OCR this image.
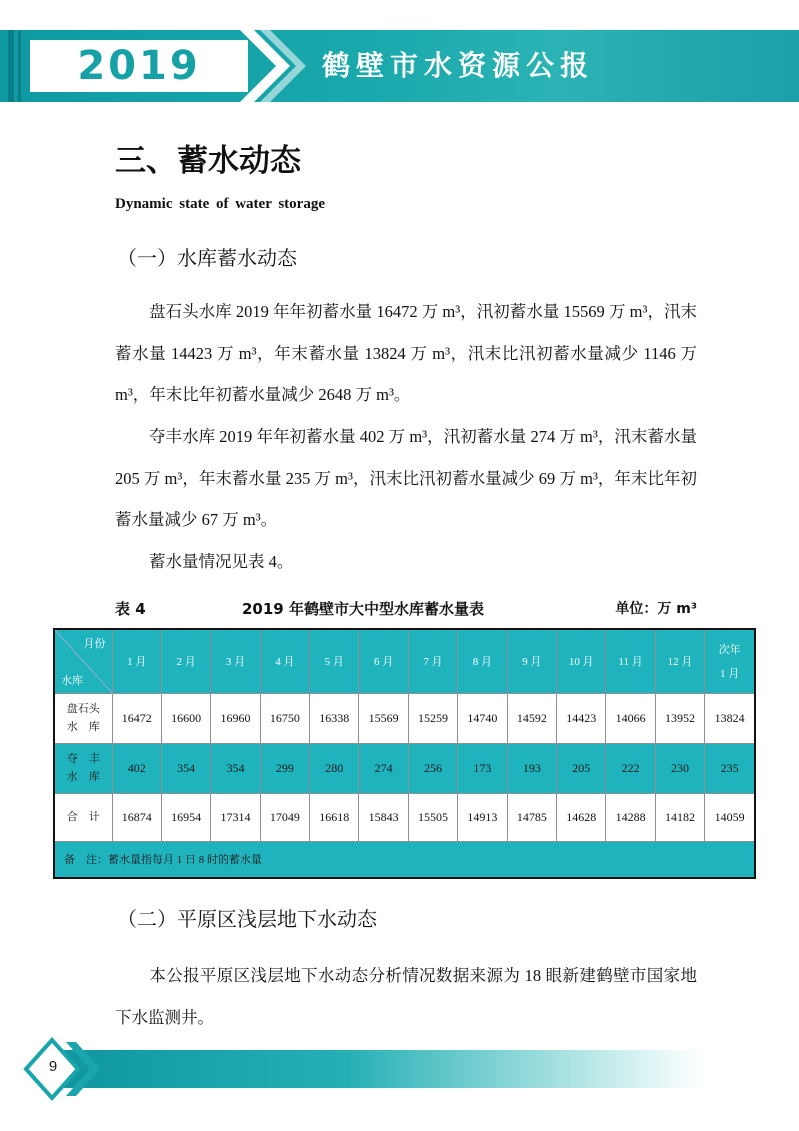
2019	鹤壁市水资源公报
三、蓄水动态
Dynamic state of water storage
（一）水库蓄水动态
盘石头水库 2019 年年初蓄水量 16472 万 m³，汛初蓄水量 15569 万 m³，汛末蓄水量 14423 万 m³，年末蓄水量 13824 万 m³，汛末比汛初蓄水量减少 1146 万 m³，年末比年初蓄水量减少 2648 万 m³。
夺丰水库 2019 年年初蓄水量 402 万 m³，汛初蓄水量 274 万 m³，汛末蓄水量 205 万 m³，年末蓄水量 235 万 m³，汛末比汛初蓄水量减少 69 万 m³，年末比年初蓄水量减少 67 万 m³。
蓄水量情况见表 4。
表 4	2019 年鹤壁市大中型水库蓄水量表	单位：万 m³
月份
水库	1 月	2 月	3 月	4 月	5 月	6 月	7 月	8 月	9 月	10 月	11 月	12 月	次年
1 月

盘石头
水　库	16472	16600	16960	16750	16338	15569	15259	14740	14592	14423	14066	13952	13824

夺　丰
水　库	402	354	354	299	280	274	256	173	193	205	222	230	235
合　计	16874	16954	17314	17049	16618	15843	15505	14913	14785	14628	14288	14182	14059
备　注：蓄水量指每月 1 日 8 时的蓄水量													
（二）平原区浅层地下水动态
本公报平原区浅层地下水动态分析情况数据来源为 18 眼新建鹤壁市国家地下水监测井。
9
